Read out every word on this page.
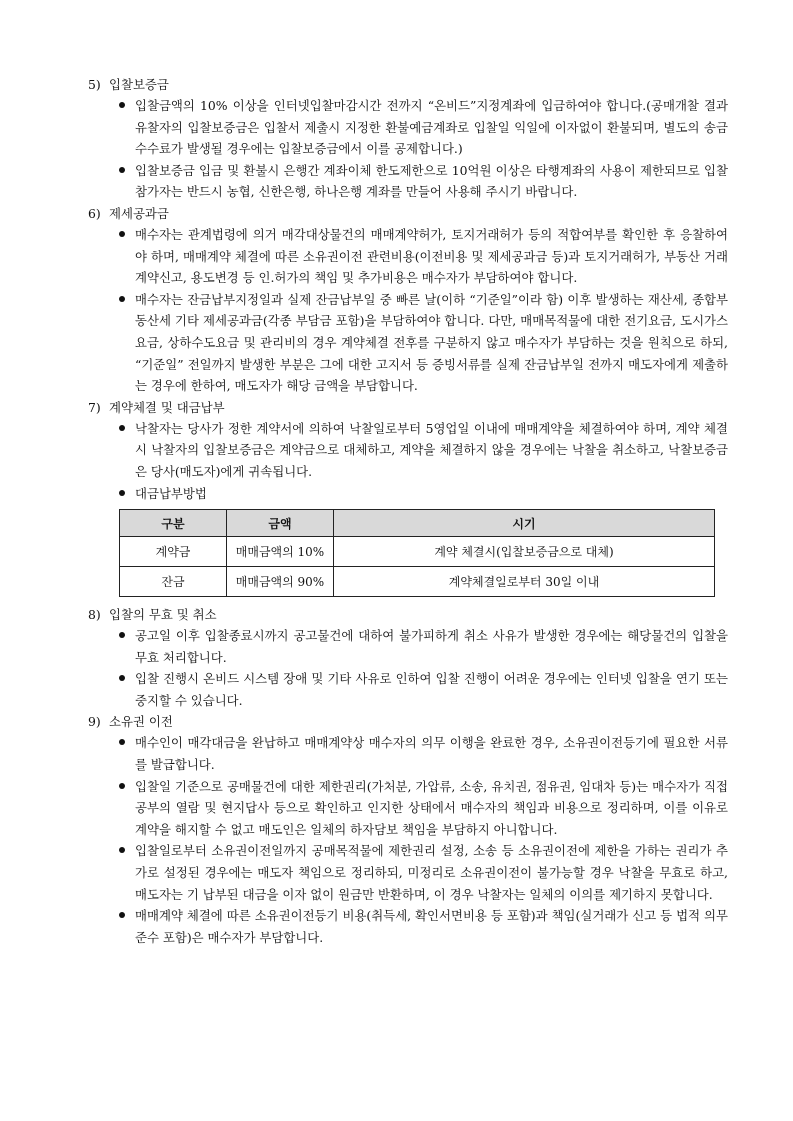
5) 입찰보증금

입찰금액의 10% 이상을 인터넷입찰마감시간 전까지 “온비드”지정계좌에 입금하여야 합니다.(공매개찰 결과 유찰자의 입찰보증금은 입찰서 제출시 지정한 환불예금계좌로 입찰일 익일에 이자없이 환불되며, 별도의 송금수수료가 발생될 경우에는 입찰보증금에서 이를 공제합니다.)
입찰보증금 입금 및 환불시 은행간 계좌이체 한도제한으로 10억원 이상은 타행계좌의 사용이 제한되므로 입찰참가자는 반드시 농협, 신한은행, 하나은행 계좌를 만들어 사용해 주시기 바랍니다.

6) 제세공과금

매수자는 관계법령에 의거 매각대상물건의 매매계약허가, 토지거래허가 등의 적합여부를 확인한 후 응찰하여야 하며, 매매계약 체결에 따른 소유권이전 관련비용(이전비용 및 제세공과금 등)과 토지거래허가, 부동산 거래계약신고, 용도변경 등 인.허가의 책임 및 추가비용은 매수자가 부담하여야 합니다.
매수자는 잔금납부지정일과 실제 잔금납부일 중 빠른 날(이하 “기준일”이라 함) 이후 발생하는 재산세, 종합부동산세 기타 제세공과금(각종 부담금 포함)을 부담하여야 합니다. 다만, 매매목적물에 대한 전기요금, 도시가스요금, 상하수도요금 및 관리비의 경우 계약체결 전후를 구분하지 않고 매수자가 부담하는 것을 원칙으로 하되, “기준일” 전일까지 발생한 부분은 그에 대한 고지서 등 증빙서류를 실제 잔금납부일 전까지 매도자에게 제출하는 경우에 한하여, 매도자가 해당 금액을 부담합니다.

7) 계약체결 및 대금납부

낙찰자는 당사가 정한 계약서에 의하여 낙찰일로부터 5영업일 이내에 매매계약을 체결하여야 하며, 계약 체결시 낙찰자의 입찰보증금은 계약금으로 대체하고, 계약을 체결하지 않을 경우에는 낙찰을 취소하고, 낙찰보증금은 당사(매도자)에게 귀속됩니다.
대금납부방법
구분	금액	시기
계약금	매매금액의 10%	계약 체결시(입찰보증금으로 대체)
잔금	매매금액의 90%	계약체결일로부터 30일 이내

8) 입찰의 무효 및 취소

공고일 이후 입찰종료시까지 공고물건에 대하여 불가피하게 취소 사유가 발생한 경우에는 해당물건의 입찰을 무효 처리합니다.
입찰 진행시 온비드 시스템 장애 및 기타 사유로 인하여 입찰 진행이 어려운 경우에는 인터넷 입찰을 연기 또는 중지할 수 있습니다.

9) 소유권 이전

매수인이 매각대금을 완납하고 매매계약상 매수자의 의무 이행을 완료한 경우, 소유권이전등기에 필요한 서류를 발급합니다.
입찰일 기준으로 공매물건에 대한 제한권리(가처분, 가압류, 소송, 유치권, 점유권, 임대차 등)는 매수자가 직접 공부의 열람 및 현지답사 등으로 확인하고 인지한 상태에서 매수자의 책임과 비용으로 정리하며, 이를 이유로 계약을 해지할 수 없고 매도인은 일체의 하자담보 책임을 부담하지 아니합니다.
입찰일로부터 소유권이전일까지 공매목적물에 제한권리 설정, 소송 등 소유권이전에 제한을 가하는 권리가 추가로 설정된 경우에는 매도자 책임으로 정리하되, 미정리로 소유권이전이 불가능할 경우 낙찰을 무효로 하고, 매도자는 기 납부된 대금을 이자 없이 원금만 반환하며, 이 경우 낙찰자는 일체의 이의를 제기하지 못합니다.
매매계약 체결에 따른 소유권이전등기 비용(취득세, 확인서면비용 등 포함)과 책임(실거래가 신고 등 법적 의무 준수 포함)은 매수자가 부담합니다.
